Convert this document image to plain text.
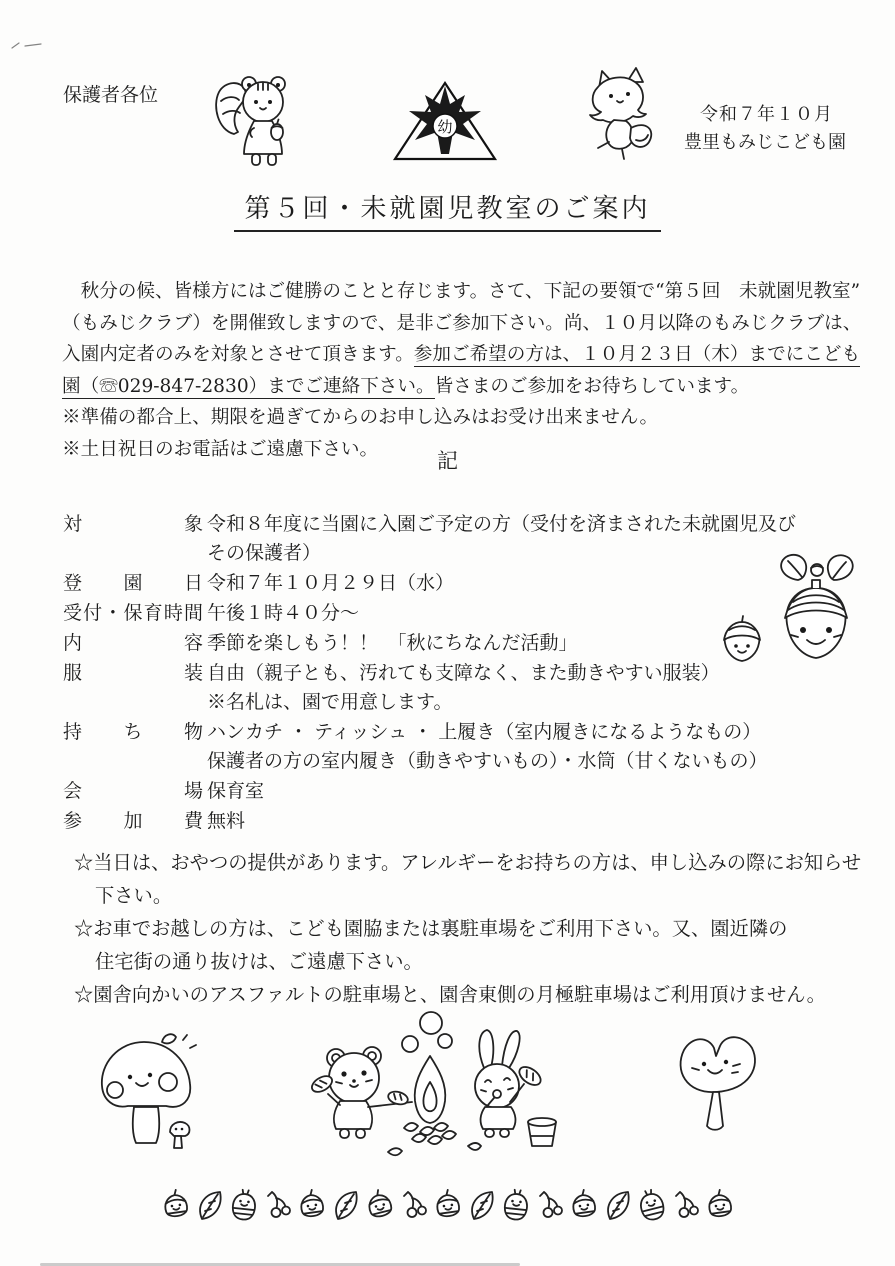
保護者各位
令和７年１０月
豊里もみじこども園
幼
第５回・未就園児教室のご案内
　秋分の候、皆様方にはご健勝のことと存じます。さて、下記の要領で“第５回　未就園児教室”
（もみじクラブ）を開催致しますので、是非ご参加下さい。尚、１０月以降のもみじクラブは、
入園内定者のみを対象とさせて頂きます。参加ご希望の方は、１０月２３日（木）までにこども
園（☏029-847-2830）までご連絡下さい。皆さまのご参加をお待ちしています。
※準備の都合上、期限を過ぎてからのお申し込みはお受け出来ません。
※土日祝日のお電話はご遠慮下さい。	記
対　　象 令和８年度に当園に入園ご予定の方（受付を済まされた未就園児及び
その保護者）
登　園　日 令和７年１０月２９日（水）
受付・保育時間 午後１時４０分～
内　　容 季節を楽しもう！！　「秋にちなんだ活動」
服　　装 自由（親子とも、汚れても支障なく、また動きやすい服装）
※名札は、園で用意します。
持　ち　物 ハンカチ ・ ティッシュ ・ 上履き（室内履きになるようなもの）
保護者の方の室内履き（動きやすいもの）・水筒（甘くないもの）
会　　場 保育室
参　加　費 無料
☆当日は、おやつの提供があります。アレルギーをお持ちの方は、申し込みの際にお知らせ
下さい。
☆お車でお越しの方は、こども園脇または裏駐車場をご利用下さい。又、園近隣の
住宅街の通り抜けは、ご遠慮下さい。
☆園舎向かいのアスファルトの駐車場と、園舎東側の月極駐車場はご利用頂けません。
